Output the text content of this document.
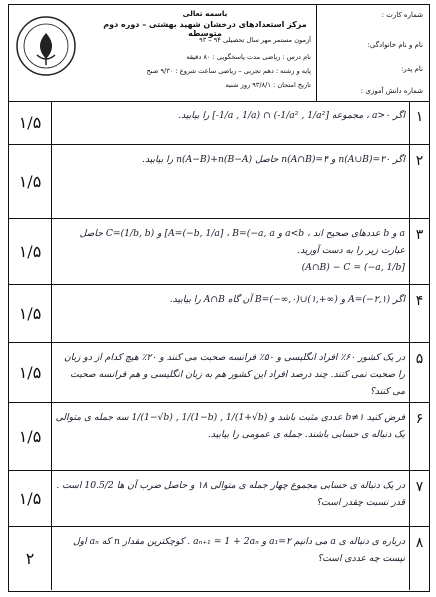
شماره کارت :
نام و نام خانوادگی:
نام پدر:
شماره دانش آموزی :
باسمه تعالی
مرکز استعدادهای درخشان شهید بهشتی – دوره دوم متوسطه
آزمون مستمر مهر سال تحصیلی ۹۴ – ۹۳
نام درس : ریاضی مدت پاسخگویی : ۸۰ دقیقه
پایه و رشته : دهم تجربی – ریاضی ساعت شروع : ۹/۳۰ صبح
تاریخ امتحان : ۹۳/۸/۱ روز شنبه
۱/۵	۱
اگر a>۰ ، مجموعه [-1/a , 1/a) ∩ (-1/a² , 1/a²] را بیابید.
۱/۵
۲
اگر n(A∪B)=۲۰ و n(A∩B)=۴ حاصل n(A−B)+n(B−A) را بیابید.
۱/۵
۳
a و b عددهای صحیح اند ، a<b و A=(−b, 1/a] ، B=(−a, a] و C=(1/b, b) حاصل عبارت زیر را به دست آورید.
(A∩B) − C = (−a, 1/b]
۱/۵
۴
اگر A=(−۲,۱) و B=(−∞,۰)∪(۱,+∞) آن گاه A∩B را بیابید.
۱/۵
۵
در یک کشور ۶۰٪ افراد انگلیسی و ۵۰٪ فرانسه صحبت می کنند و ۲۰٪ هیچ کدام از دو زبان را صحبت نمی کنند. چند درصد افراد این کشور هم به زبان انگلیسی و هم فرانسه صحبت می کنند؟
۱/۵
۶
فرض کنید b≠۱ عددی مثبت باشد و 1/(1−√b) , 1/(1−b) , 1/(1+√b) سه جمله ی متوالی یک دنباله ی حسابی باشند. جمله ی عمومی را بیابید.
۱/۵
۷
در یک دنباله ی حسابی مجموع چهار جمله ی متوالی ۱۸ و حاصل ضرب آن ها 10.5/2 است . قدر نسبت چقدر است؟
۲
۸
درباره ی دنباله ی a می دانیم a₁=۲ و aₙ₊₁ = 1 + 2aₙ . کوچکترین مقدار n که aₙ اول نیست چه عددی است؟
